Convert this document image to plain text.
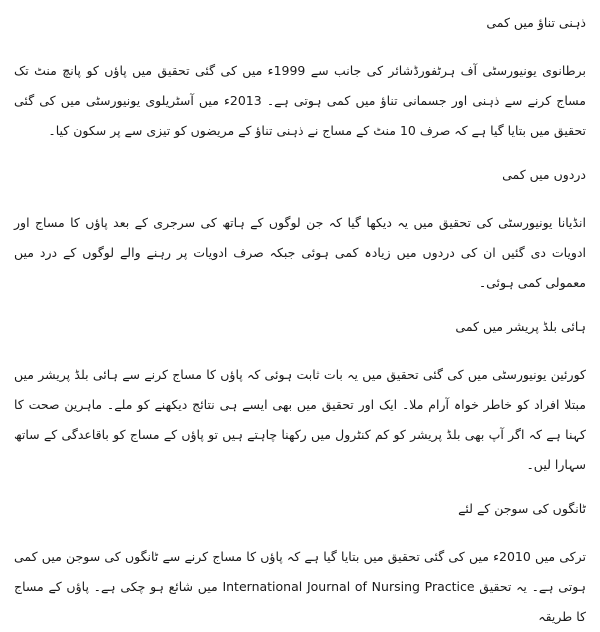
ذہنی تناؤ میں کمی

برطانوی یونیورسٹی آف ہرٹفورڈشائر کی جانب سے 1999ء میں کی گئی تحقیق میں پاؤں کو پانچ منٹ تک مساج کرنے سے ذہنی اور جسمانی تناؤ میں کمی ہوتی ہے۔ 2013ء میں آسٹریلوی یونیورسٹی میں کی گئی تحقیق میں بتایا گیا ہے کہ صرف 10 منٹ کے مساج نے ذہنی تناؤ کے مریضوں کو تیزی سے پر سکون کیا۔

دردوں میں کمی

انڈیانا یونیورسٹی کی تحقیق میں یہ دیکھا گیا کہ جن لوگوں کے ہاتھ کی سرجری کے بعد پاؤں کا مساج اور ادویات دی گئیں ان کی دردوں میں زیادہ کمی ہوئی جبکہ صرف ادویات پر رہنے والے لوگوں کے درد میں معمولی کمی ہوئی۔

ہائی بلڈ پریشر میں کمی

کورئین یونیورسٹی میں کی گئی تحقیق میں یہ بات ثابت ہوئی کہ پاؤں کا مساج کرنے سے ہائی بلڈ پریشر میں مبتلا افراد کو خاطر خواہ آرام ملا۔ ایک اور تحقیق میں بھی ایسے ہی نتائج دیکھنے کو ملے۔ ماہرین صحت کا کہنا ہے کہ اگر آپ بھی بلڈ پریشر کو کم کنٹرول میں رکھنا چاہتے ہیں تو پاؤں کے مساج کو باقاعدگی کے ساتھ سہارا لیں۔

ٹانگوں کی سوجن کے لئے

ترکی میں 2010ء میں کی گئی تحقیق میں بتایا گیا ہے کہ پاؤں کا مساج کرنے سے ٹانگوں کی سوجن میں کمی ہوتی ہے۔ یہ تحقیق International Journal of Nursing Practice میں شائع ہو چکی ہے۔ پاؤں کے مساج کا طریقہ
